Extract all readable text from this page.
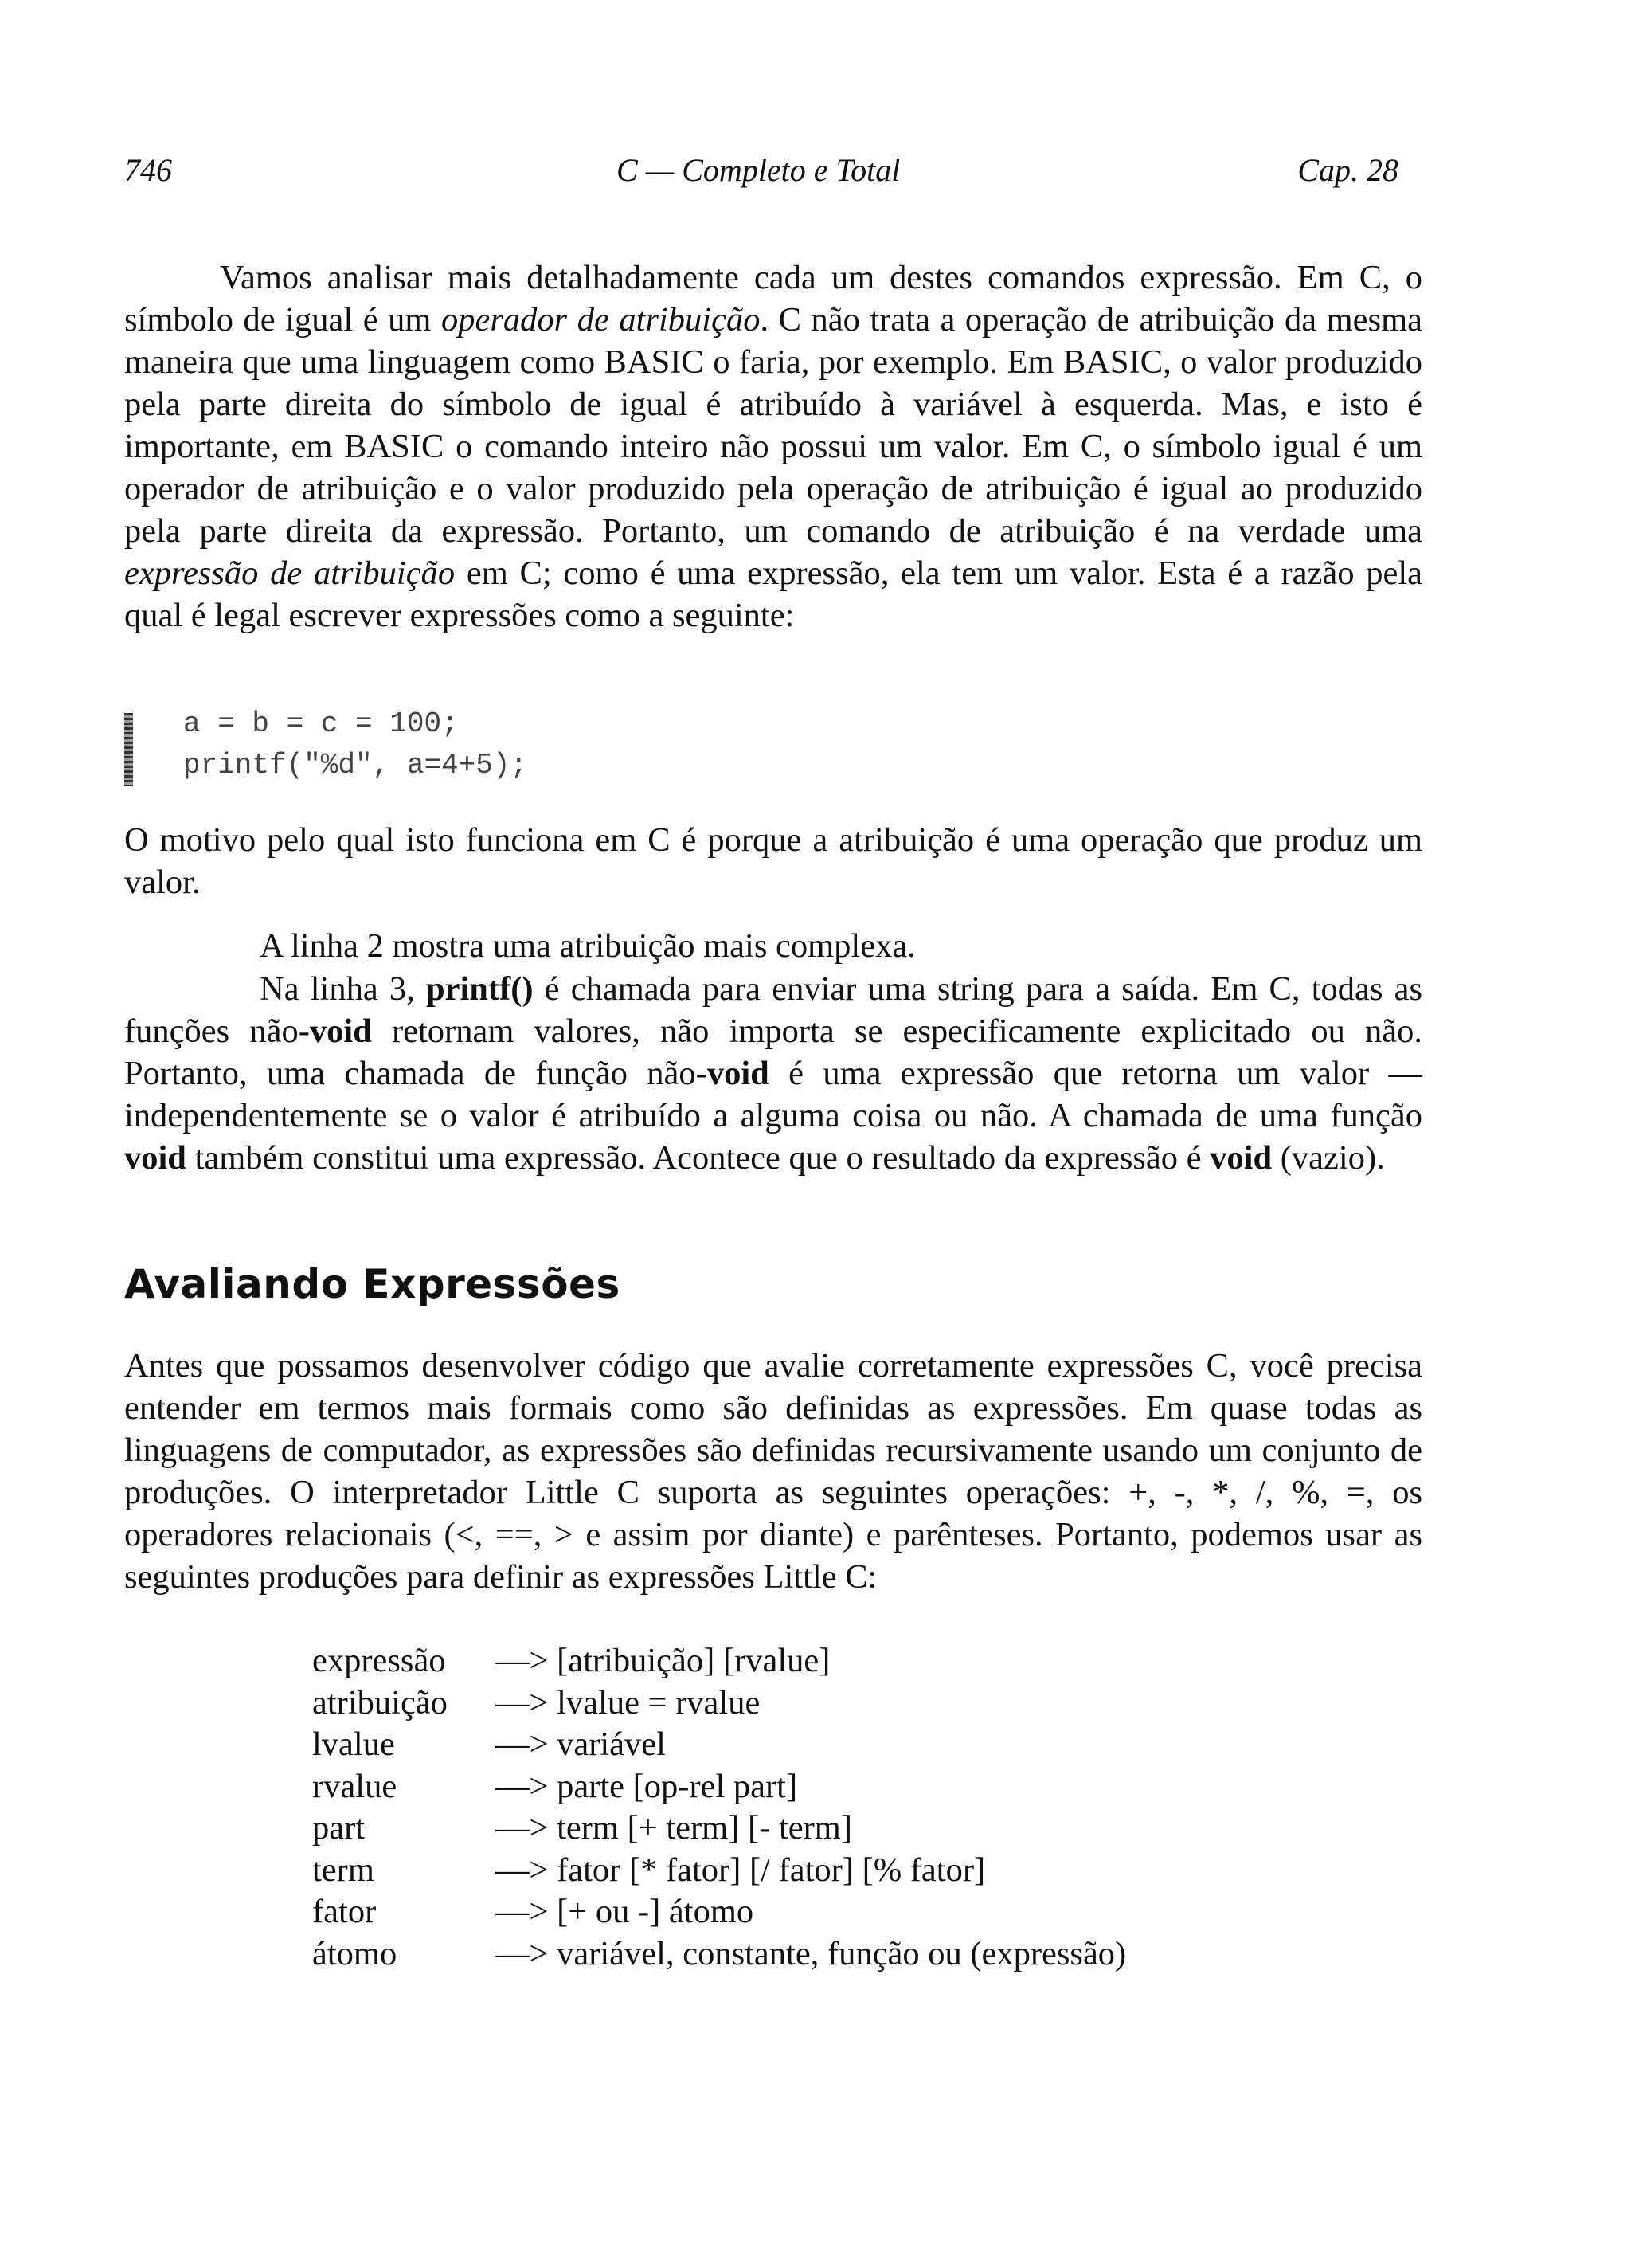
746	C — Completo e Total	Cap. 28

Vamos analisar mais detalhadamente cada um destes comandos expressão. Em C, o símbolo de igual é um operador de atribuição. C não trata a operação de atribuição da mesma maneira que uma linguagem como BASIC o faria, por exemplo. Em BASIC, o valor produzido pela parte direita do símbolo de igual é atribuído à variável à esquerda. Mas, e isto é importante, em BASIC o comando inteiro não possui um valor. Em C, o símbolo igual é um operador de atribuição e o valor produzido pela operação de atribuição é igual ao produzido pela parte direita da expressão. Portanto, um comando de atribuição é na verdade uma expressão de atribuição em C; como é uma expressão, ela tem um valor. Esta é a razão pela qual é legal escrever expressões como a seguinte:

a = b = c = 100;
printf("%d", a=4+5);

O motivo pelo qual isto funciona em C é porque a atribuição é uma operação que produz um valor.

A linha 2 mostra uma atribuição mais complexa.

Na linha 3, printf() é chamada para enviar uma string para a saída. Em C, todas as funções não-void retornam valores, não importa se especificamente explicitado ou não. Portanto, uma chamada de função não-void é uma expressão que retorna um valor — independentemente se o valor é atribuído a alguma coisa ou não. A chamada de uma função void também constitui uma expressão. Acontece que o resultado da expressão é void (vazio).

Avaliando Expressões

Antes que possamos desenvolver código que avalie corretamente expressões C, você precisa entender em termos mais formais como são definidas as expressões. Em quase todas as linguagens de computador, as expressões são definidas recursivamente usando um conjunto de produções. O interpretador Little C suporta as seguintes operações: +, -, *, /, %, =, os operadores relacionais (<, ==, > e assim por diante) e parênteses. Portanto, podemos usar as seguintes produções para definir as expressões Little C:

expressão	—> [atribuição] [rvalue]
atribuição	—> lvalue = rvalue
lvalue	—> variável
rvalue	—> parte [op-rel part]
part	—> term [+ term] [- term]
term	—> fator [* fator] [/ fator] [% fator]
fator	—> [+ ou -] átomo
átomo	—> variável, constante, função ou (expressão)
